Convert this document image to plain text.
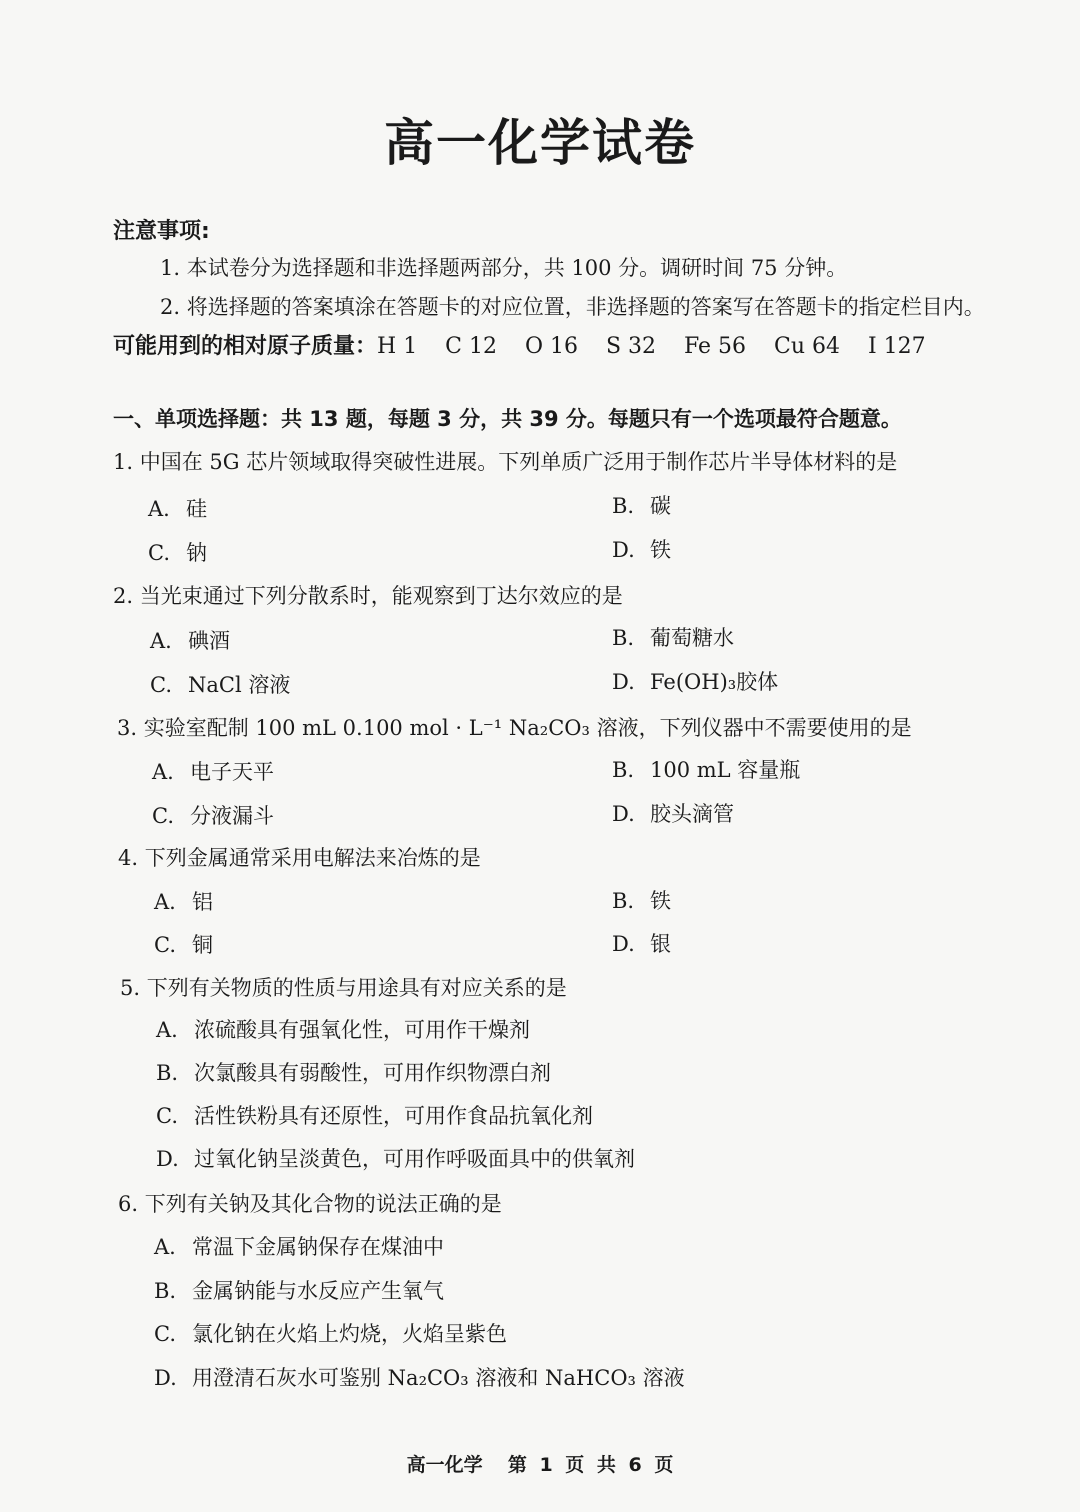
高一化学试卷
注意事项:
1. 本试卷分为选择题和非选择题两部分，共 100 分。调研时间 75 分钟。
2. 将选择题的答案填涂在答题卡的对应位置，非选择题的答案写在答题卡的指定栏目内。
可能用到的相对原子质量：H 1    C 12    O 16    S 32    Fe 56    Cu 64    I 127
一、单项选择题：共 13 题，每题 3 分，共 39 分。每题只有一个选项最符合题意。
1. 中国在 5G 芯片领域取得突破性进展。下列单质广泛用于制作芯片半导体材料的是
A. 硅	B. 碳
C. 钠	D. 铁
2. 当光束通过下列分散系时，能观察到丁达尔效应的是
A. 碘酒	B. 葡萄糖水
C. NaCl 溶液	D. Fe(OH)₃胶体
3. 实验室配制 100 mL 0.100 mol · L⁻¹ Na₂CO₃ 溶液，下列仪器中不需要使用的是
A. 电子天平	B. 100 mL 容量瓶
C. 分液漏斗	D. 胶头滴管
4. 下列金属通常采用电解法来冶炼的是
A. 铝	B. 铁
C. 铜	D. 银
5. 下列有关物质的性质与用途具有对应关系的是
A. 浓硫酸具有强氧化性，可用作干燥剂
B. 次氯酸具有弱酸性，可用作织物漂白剂
C. 活性铁粉具有还原性，可用作食品抗氧化剂
D. 过氧化钠呈淡黄色，可用作呼吸面具中的供氧剂
6. 下列有关钠及其化合物的说法正确的是
A. 常温下金属钠保存在煤油中
B. 金属钠能与水反应产生氧气
C. 氯化钠在火焰上灼烧，火焰呈紫色
D. 用澄清石灰水可鉴别 Na₂CO₃ 溶液和 NaHCO₃ 溶液
高一化学  第 1 页 共 6 页
